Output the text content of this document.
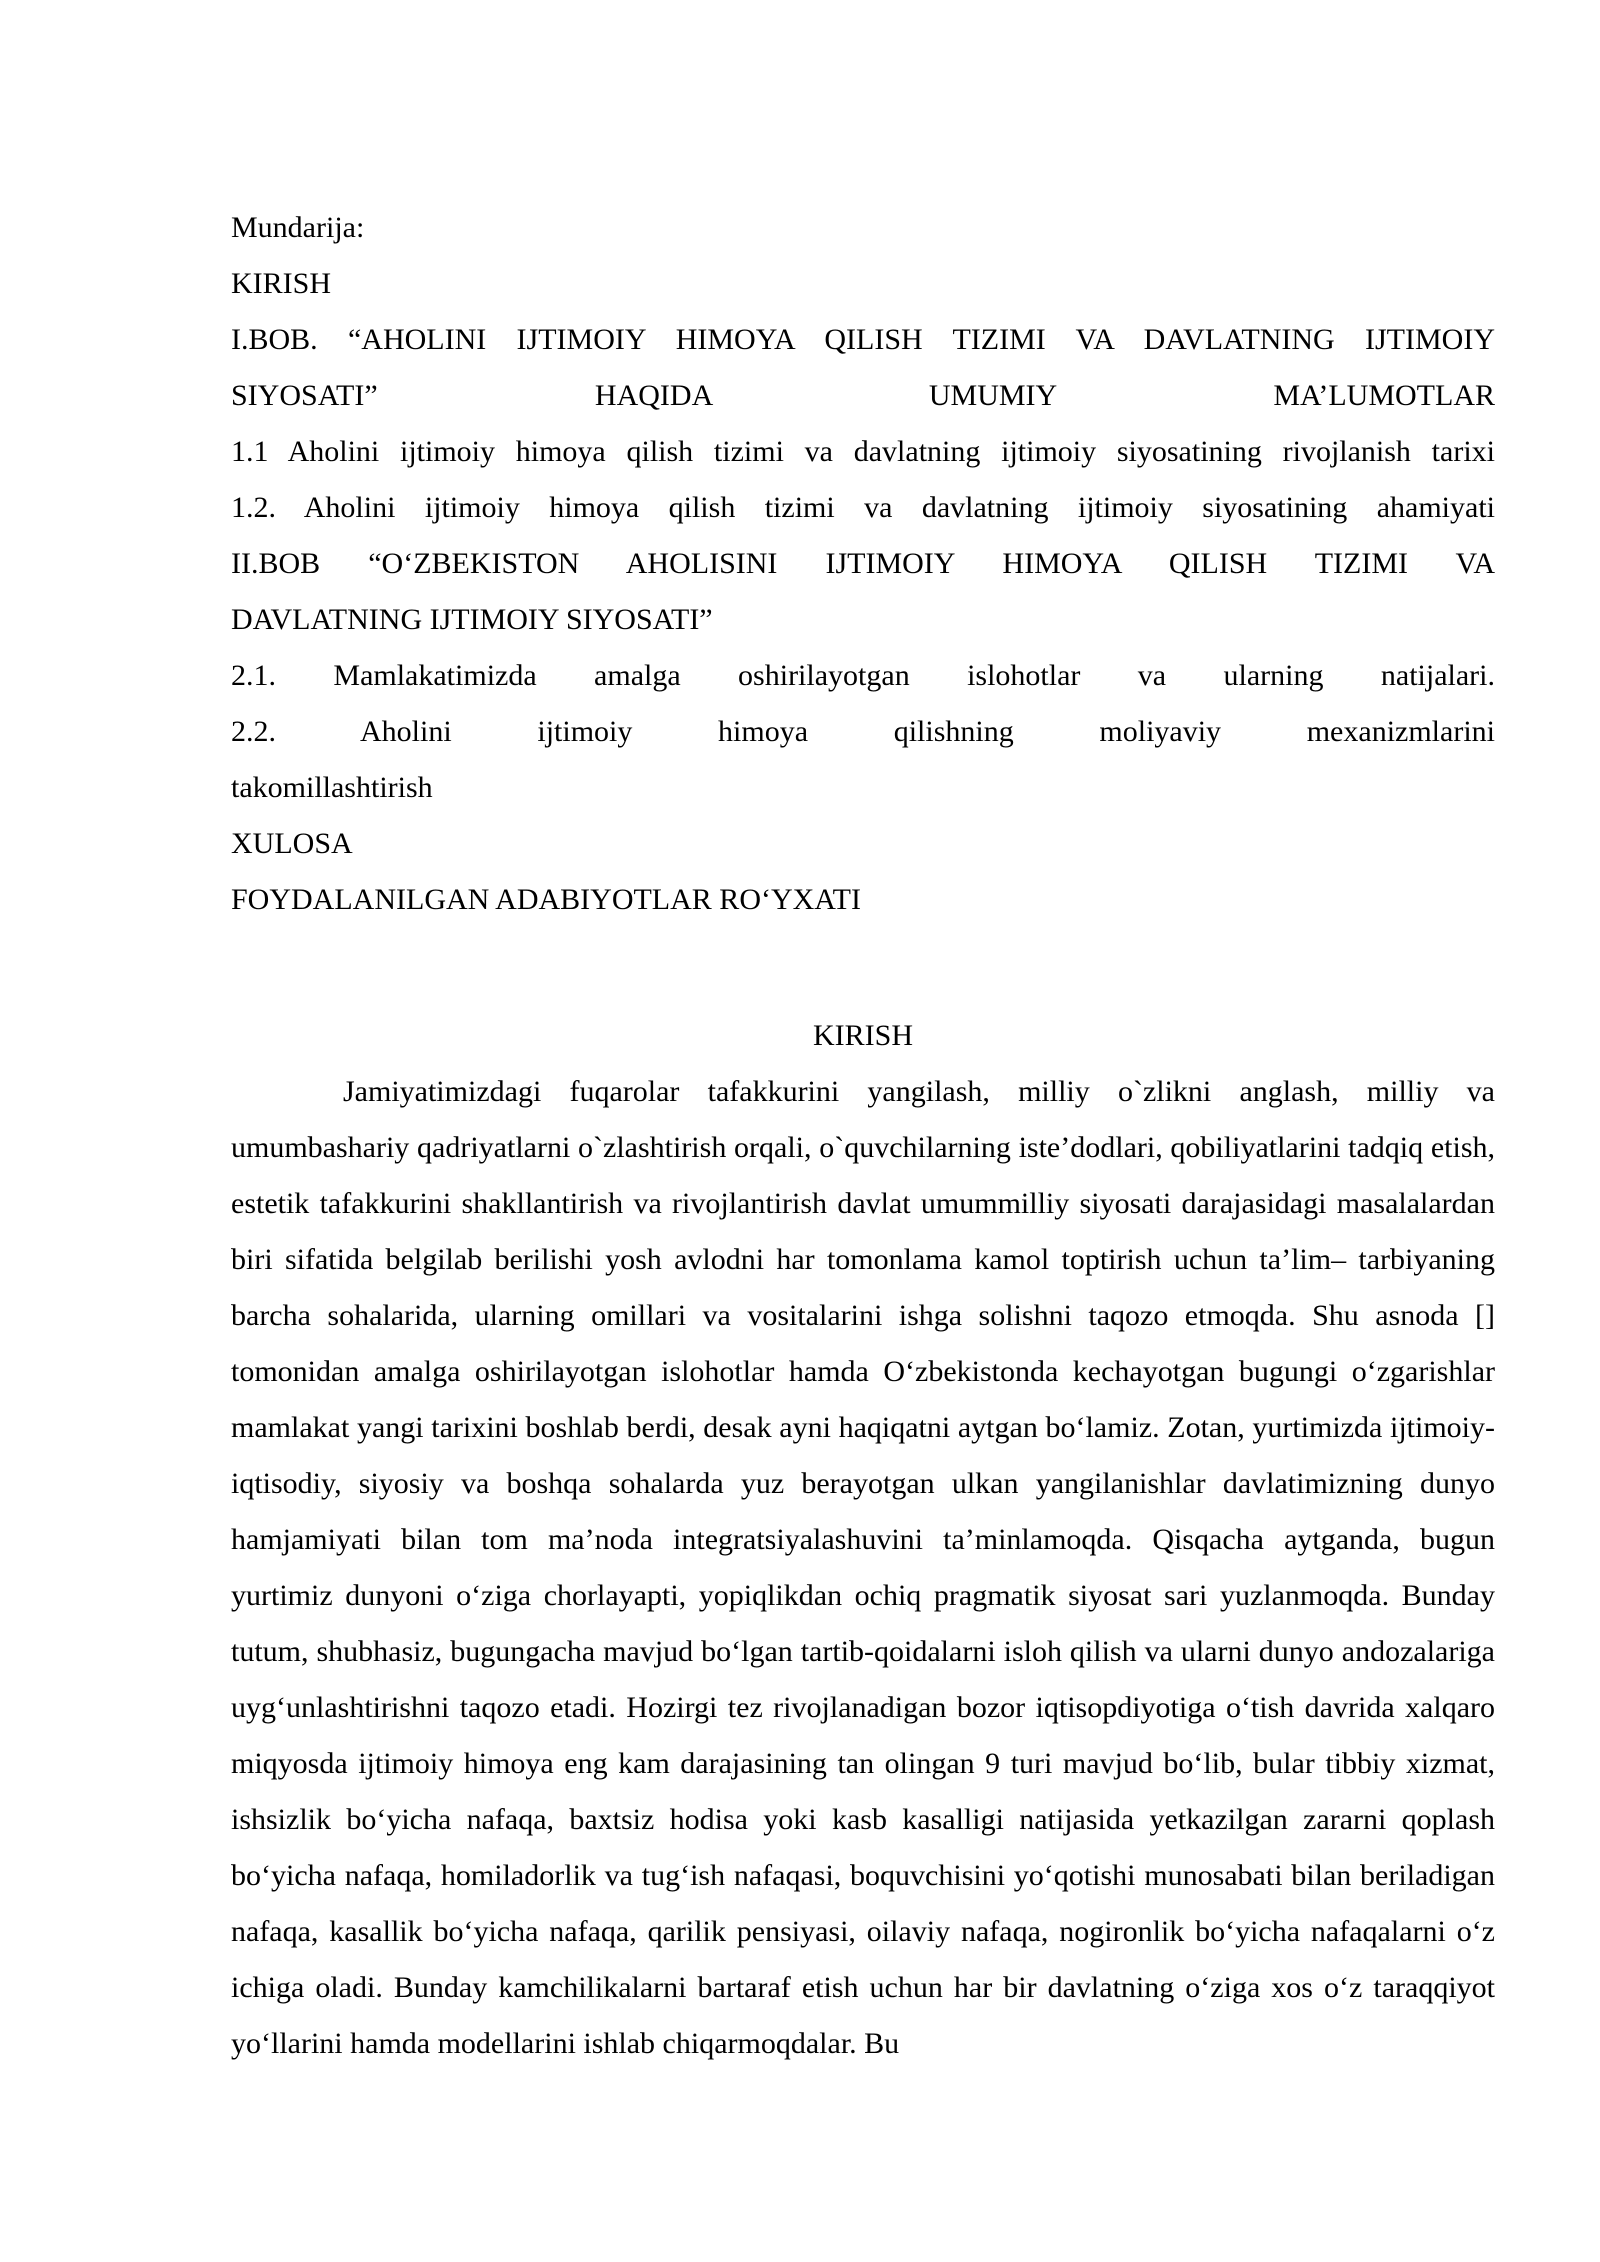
Mundarija:
KIRISH
I.BOB. “AHOLINI IJTIMOIY HIMOYA QILISH TIZIMI VA DAVLATNING IJTIMOIY
SIYOSATI” HAQIDA UMUMIY MA’LUMOTLAR
1.1 Aholini ijtimoiy himoya qilish tizimi va davlatning ijtimoiy siyosatining rivojlanish tarixi
1.2. Aholini ijtimoiy himoya qilish tizimi va davlatning ijtimoiy siyosatining ahamiyati
II.BOB “O‘ZBEKISTON AHOLISINI IJTIMOIY HIMOYA QILISH TIZIMI VA
DAVLATNING IJTIMOIY SIYOSATI”
2.1. Mamlakatimizda amalga oshirilayotgan islohotlar va ularning natijalari.
2.2. Aholini ijtimoiy himoya qilishning moliyaviy mexanizmlarini
takomillashtirish
XULOSA
FOYDALANILGAN ADABIYOTLAR RO‘YXATI
KIRISH

Jamiyatimizdagi fuqarolar tafakkurini yangilash, milliy o`zlikni anglash, milliy va umumbashariy qadriyatlarni o`zlashtirish orqali, o`quvchilarning iste’dodlari, qobiliyatlarini tadqiq etish, estetik tafakkurini shakllantirish va rivojlantirish davlat umummilliy siyosati darajasidagi masalalardan biri sifatida belgilab berilishi yosh avlodni har tomonlama kamol toptirish uchun ta’lim– tarbiyaning barcha sohalarida, ularning omillari va vositalarini ishga solishni taqozo etmoqda. Shu asnoda [] tomonidan amalga oshirilayotgan islohotlar hamda O‘zbekistonda kechayotgan bugungi o‘zgarishlar mamlakat yangi tarixini boshlab berdi, desak ayni haqiqatni aytgan bo‘lamiz. Zotan, yurtimizda ijtimoiy-iqtisodiy, siyosiy va boshqa sohalarda yuz berayotgan ulkan yangilanishlar davlatimizning dunyo hamjamiyati bilan tom ma’noda integratsiyalashuvini ta’minlamoqda. Qisqacha aytganda, bugun yurtimiz dunyoni o‘ziga chorlayapti, yopiqlikdan ochiq pragmatik siyosat sari yuzlanmoqda. Bunday tutum, shubhasiz, bugungacha mavjud bo‘lgan tartib-qoidalarni isloh qilish va ularni dunyo andozalariga uyg‘unlashtirishni taqozo etadi. Hozirgi tez rivojlanadigan bozor iqtisopdiyotiga o‘tish davrida xalqaro miqyosda ijtimoiy himoya eng kam darajasining tan olingan 9 turi mavjud bo‘lib, bular tibbiy xizmat, ishsizlik bo‘yicha nafaqa, baxtsiz hodisa yoki kasb kasalligi natijasida yetkazilgan zararni qoplash bo‘yicha nafaqa, homiladorlik va tug‘ish nafaqasi, boquvchisini yo‘qotishi munosabati bilan beriladigan nafaqa, kasallik bo‘yicha nafaqa, qarilik pensiyasi, oilaviy nafaqa, nogironlik bo‘yicha nafaqalarni o‘z ichiga oladi. Bunday kamchilikalarni bartaraf etish uchun har bir davlatning o‘ziga xos o‘z taraqqiyot yo‘llarini hamda modellarini ishlab chiqarmoqdalar. Bu
